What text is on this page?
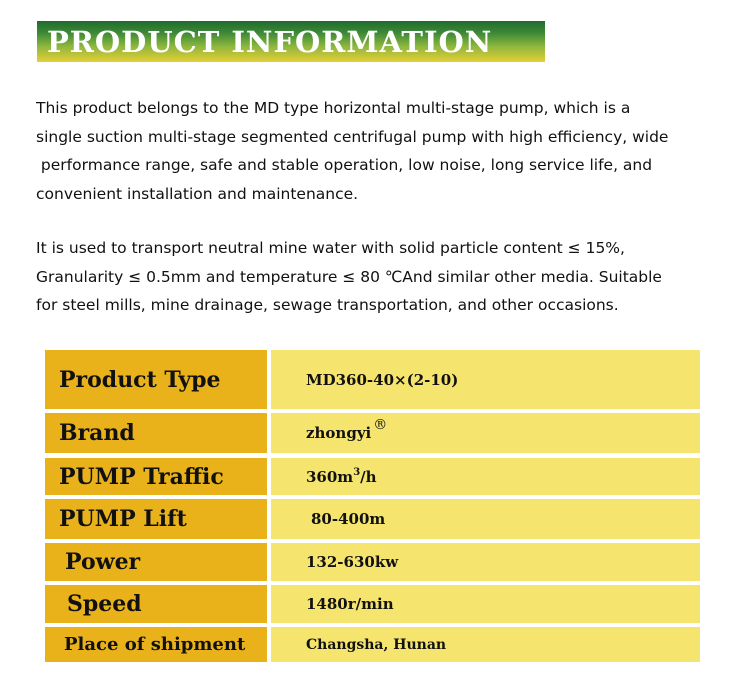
PRODUCT INFORMATION
This product belongs to the MD type horizontal multi-stage pump, which is a
single suction multi-stage segmented centrifugal pump with high efficiency, wide
performance range, safe and stable operation, low noise, long service life, and
convenient installation and maintenance.
It is used to transport neutral mine water with solid particle content ≤ 15%,
Granularity ≤ 0.5mm and temperature ≤ 80 ℃And similar other media. Suitable
for steel mills, mine drainage, sewage transportation, and other occasions.
Product Type	MD360-40×(2-10)
Brand	zhongyi ®
PUMP Traffic	$360m^3$ /h
PUMP Lift	80-400m
Power	132-630kw
Speed	1480r/min
Place of shipment	Changsha, Hunan
